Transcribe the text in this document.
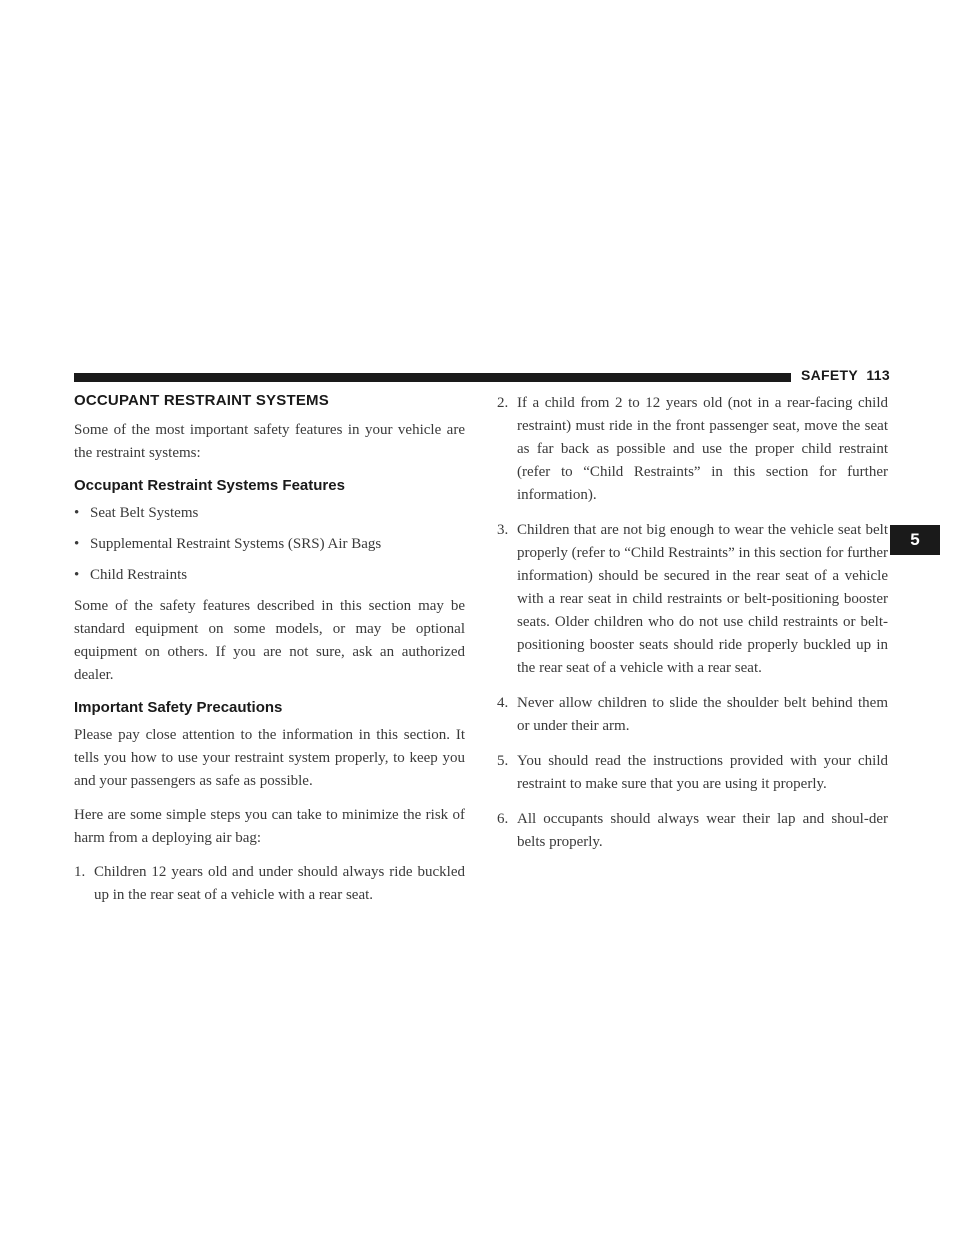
SAFETY 113
5
OCCUPANT RESTRAINT SYSTEMS

Some of the most important safety features in your vehicle are the restraint systems:

Occupant Restraint Systems Features
• Seat Belt Systems
• Supplemental Restraint Systems (SRS) Air Bags
• Child Restraints

Some of the safety features described in this section may be standard equipment on some models, or may be optional equipment on others. If you are not sure, ask an authorized dealer.

Important Safety Precautions

Please pay close attention to the information in this section. It tells you how to use your restraint system properly, to keep you and your passengers as safe as possible.

Here are some simple steps you can take to minimize the risk of harm from a deploying air bag:

1. Children 12 years old and under should always ride buckled up in the rear seat of a vehicle with a rear seat.
2. If a child from 2 to 12 years old (not in a rear-facing child restraint) must ride in the front passenger seat, move the seat as far back as possible and use the proper child restraint (refer to “Child Restraints” in this section for further information).
3. Children that are not big enough to wear the vehicle seat belt properly (refer to “Child Restraints” in this section for further information) should be secured in the rear seat of a vehicle with a rear seat in child restraints or belt-positioning booster seats. Older children who do not use child restraints or belt-positioning booster seats should ride properly buckled up in the rear seat of a vehicle with a rear seat.
4. Never allow children to slide the shoulder belt behind them or under their arm.
5. You should read the instructions provided with your child restraint to make sure that you are using it properly.
6. All occupants should always wear their lap and shoul-der belts properly.
